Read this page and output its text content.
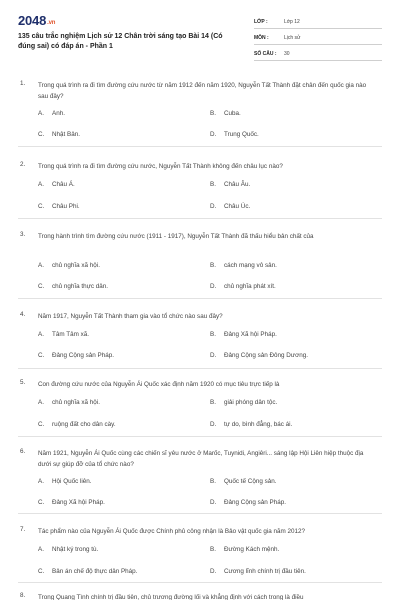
2048.vn
135 câu trắc nghiệm Lịch sử 12 Chân trời sáng tạo Bài 14 (Có đúng sai) có đáp án - Phần 1
LỚP :	Lớp 12
MÔN :	Lịch sử
SỐ CÂU :	30
1. Trong quá trình ra đi tìm đường cứu nước từ năm 1912 đến năm 1920, Nguyễn Tất Thành đặt chân đến quốc gia nào sau đây?
A. Anh.	B. Cuba.
C. Nhật Bản.	D. Trung Quốc.
2. Trong quá trình ra đi tìm đường cứu nước, Nguyễn Tất Thành không đến châu lục nào?
A. Châu Á.	B. Châu Âu.
C. Châu Phi.	D. Châu Úc.
3. Trong hành trình tìm đường cứu nước (1911 - 1917), Nguyễn Tất Thành đã thấu hiểu bản chất của
A. chủ nghĩa xã hội.	B. cách mạng vô sản.
C. chủ nghĩa thực dân.	D. chủ nghĩa phát xít.
4. Năm 1917, Nguyễn Tất Thành tham gia vào tổ chức nào sau đây?
A. Tâm Tâm xã.	B. Đảng Xã hội Pháp.
C. Đảng Cộng sản Pháp.	D. Đảng Cộng sản Đông Dương.
5. Con đường cứu nước của Nguyễn Ái Quốc xác định năm 1920 có mục tiêu trực tiếp là
A. chủ nghĩa xã hội.	B. giải phóng dân tộc.
C. ruộng đất cho dân cày.	D. tự do, bình đẳng, bác ái.
6. Năm 1921, Nguyễn Ái Quốc cùng các chiến sĩ yêu nước ở Marốc, Tuynidi, Angiêri... sáng lập Hội Liên hiệp thuộc địa dưới sự giúp đỡ của tổ chức nào?
A. Hội Quốc liên.	B. Quốc tế Cộng sản.
C. Đảng Xã hội Pháp.	D. Đảng Cộng sản Pháp.
7. Tác phẩm nào của Nguyễn Ái Quốc được Chính phủ công nhận là Bảo vật quốc gia năm 2012?
A. Nhật ký trong tù.	B. Đường Kách mệnh.
C. Bản án chế độ thực dân Pháp.	D. Cương lĩnh chính trị đầu tiên.
8. Trong Quang Tình chính trị đầu tiên, chủ trương đường lối và khẳng định với cách trong là điều
